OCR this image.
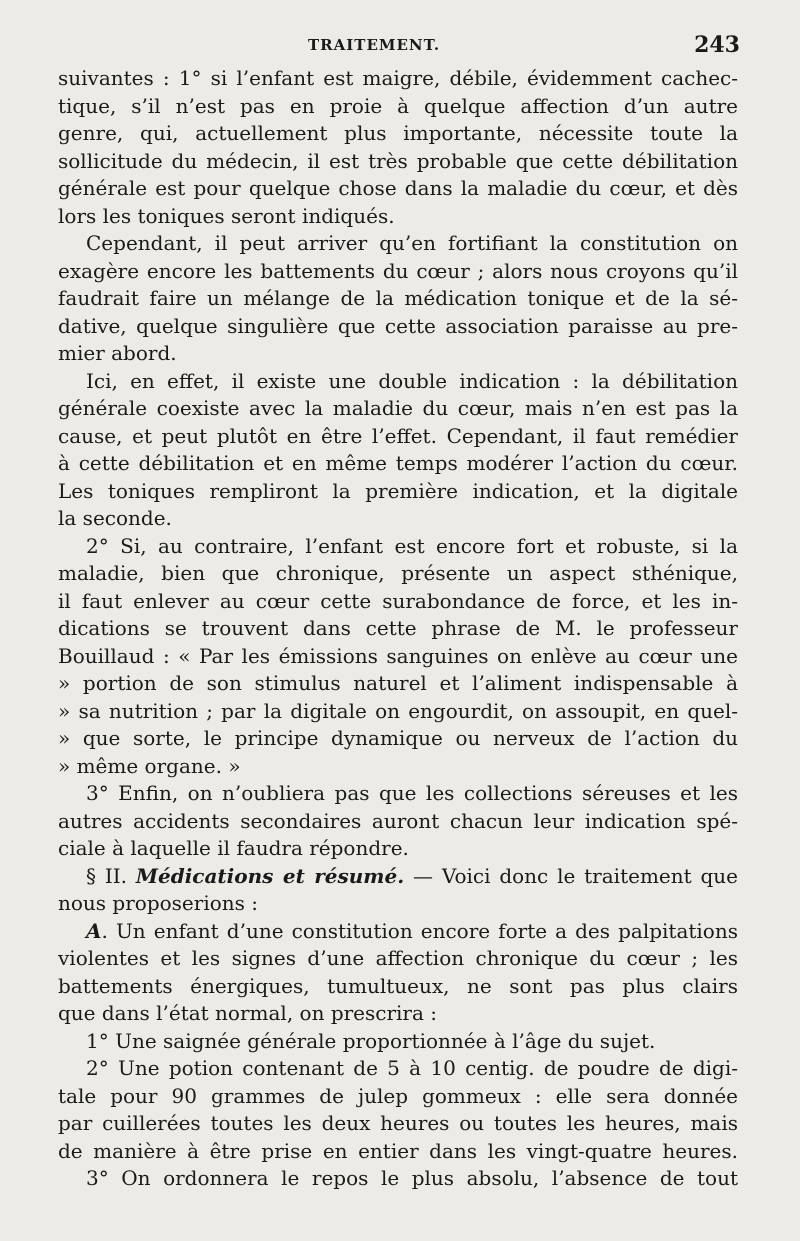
TRAITEMENT.	243
suivantes : 1° si l’enfant est maigre, débile, évidemment cachec-
tique, s’il n’est pas en proie à quelque affection d’un autre
genre, qui, actuellement plus importante, nécessite toute la
sollicitude du médecin, il est très probable que cette débilitation
générale est pour quelque chose dans la maladie du cœur, et dès
lors les toniques seront indiqués.
Cependant, il peut arriver qu’en fortifiant la constitution on
exagère encore les battements du cœur ; alors nous croyons qu’il
faudrait faire un mélange de la médication tonique et de la sé-
dative, quelque singulière que cette association paraisse au pre-
mier abord.
Ici, en effet, il existe une double indication : la débilitation
générale coexiste avec la maladie du cœur, mais n’en est pas la
cause, et peut plutôt en être l’effet. Cependant, il faut remédier
à cette débilitation et en même temps modérer l’action du cœur.
Les toniques rempliront la première indication, et la digitale
la seconde.
2° Si, au contraire, l’enfant est encore fort et robuste, si la
maladie, bien que chronique, présente un aspect sthénique,
il faut enlever au cœur cette surabondance de force, et les in-
dications se trouvent dans cette phrase de M. le professeur
Bouillaud : « Par les émissions sanguines on enlève au cœur une
» portion de son stimulus naturel et l’aliment indispensable à
» sa nutrition ; par la digitale on engourdit, on assoupit, en quel-
» que sorte, le principe dynamique ou nerveux de l’action du
» même organe. »
3° Enfin, on n’oubliera pas que les collections séreuses et les
autres accidents secondaires auront chacun leur indication spé-
ciale à laquelle il faudra répondre.
§ II. Médications et résumé. — Voici donc le traitement que
nous proposerions :
A. Un enfant d’une constitution encore forte a des palpitations
violentes et les signes d’une affection chronique du cœur ; les
battements énergiques, tumultueux, ne sont pas plus clairs
que dans l’état normal, on prescrira :
1° Une saignée générale proportionnée à l’âge du sujet.
2° Une potion contenant de 5 à 10 centig. de poudre de digi-
tale pour 90 grammes de julep gommeux : elle sera donnée
par cuillerées toutes les deux heures ou toutes les heures, mais
de manière à être prise en entier dans les vingt-quatre heures.
3° On ordonnera le repos le plus absolu, l’absence de tout
